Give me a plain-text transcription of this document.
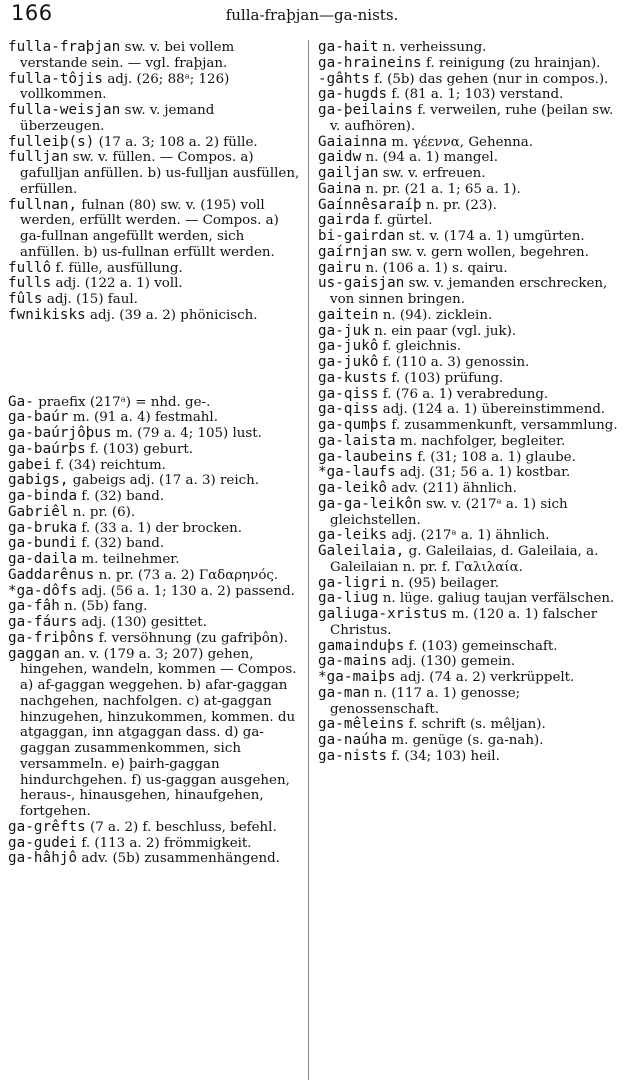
166	fulla-fraþjan—ga-nists.
fulla-fraþjan sw. v. bei vollem verstande sein. — vgl. fraþjan.
fulla-tôjis adj. (26; 88ᵃ; 126) vollkommen.
fulla-weisjan sw. v. jemand überzeugen.
fulleiþ(s) (17 a. 3; 108 a. 2) fülle.
fulljan sw. v. füllen. — Compos. a) gafulljan anfüllen. b) us-fulljan ausfüllen, erfüllen.
fullnan, fulnan (80) sw. v. (195) voll werden, erfüllt werden. — Compos. a) ga-fullnan angefüllt werden, sich anfüllen. b) us-fullnan erfüllt werden.
fullô f. fülle, ausfüllung.
fulls adj. (122 a. 1) voll.
fûls adj. (15) faul.
fwnikisks adj. (39 a. 2) phönicisch.
Ga- praefix (217ᵃ) = nhd. ge-.
ga-baúr m. (91 a. 4) festmahl.
ga-baúrjôþus m. (79 a. 4; 105) lust.
ga-baúrþs f. (103) geburt.
gabei f. (34) reichtum.
gabigs, gabeigs adj. (17 a. 3) reich.
ga-binda f. (32) band.
Gabriêl n. pr. (6).
ga-bruka f. (33 a. 1) der brocken.
ga-bundi f. (32) band.
ga-daila m. teilnehmer.
Gaddarênus n. pr. (73 a. 2) Γαδαρηνός.
*ga-dôfs adj. (56 a. 1; 130 a. 2) passend.
ga-fâh n. (5b) fang.
ga-fáurs adj. (130) gesittet.
ga-friþôns f. versöhnung (zu gafriþôn).
gaggan an. v. (179 a. 3; 207) gehen, hingehen, wandeln, kommen — Compos. a) af-gaggan weggehen. b) afar-gaggan nachgehen, nachfolgen. c) at-gaggan hinzugehen, hinzukommen, kommen. du atgaggan, inn atgaggan dass. d) ga-gaggan zusammenkommen, sich versammeln. e) þairh-gaggan hindurchgehen. f) us-gaggan ausgehen, heraus-, hinausgehen, hinaufgehen, fortgehen.
ga-grêfts (7 a. 2) f. beschluss, befehl.
ga-gudei f. (113 a. 2) frömmigkeit.
ga-hâhjô adv. (5b) zusammenhängend.
ga-hait n. verheissung.
ga-hraineins f. reinigung (zu hrainjan).
-gâhts f. (5b) das gehen (nur in compos.).
ga-hugds f. (81 a. 1; 103) verstand.
ga-þeilains f. verweilen, ruhe (þeilan sw. v. aufhören).
Gaiainna m. γέεννα, Gehenna.
gaidw n. (94 a. 1) mangel.
gailjan sw. v. erfreuen.
Gaina n. pr. (21 a. 1; 65 a. 1).
Gaínnêsaraíþ n. pr. (23).
gairda f. gürtel.
bi-gairdan st. v. (174 a. 1) umgürten.
gaírnjan sw. v. gern wollen, begehren.
gairu n. (106 a. 1) s. qairu.
us-gaisjan sw. v. jemanden erschrecken, von sinnen bringen.
gaitein n. (94). zicklein.
ga-juk n. ein paar (vgl. juk).
ga-jukô f. gleichnis.
ga-jukô f. (110 a. 3) genossin.
ga-kusts f. (103) prüfung.
ga-qiss f. (76 a. 1) verabredung.
ga-qiss adj. (124 a. 1) übereinstimmend.
ga-qumþs f. zusammenkunft, versammlung.
ga-laista m. nachfolger, begleiter.
ga-laubeins f. (31; 108 a. 1) glaube.
*ga-laufs adj. (31; 56 a. 1) kostbar.
ga-leikô adv. (211) ähnlich.
ga-ga-leikôn sw. v. (217ᵃ a. 1) sich gleichstellen.
ga-leiks adj. (217ᵃ a. 1) ähnlich.
Galeilaia, g. Galeilaias, d. Galeilaia, a. Galeilaian n. pr. f. Γαλιλαία.
ga-ligri n. (95) beilager.
ga-liug n. lüge. galiug taujan verfälschen.
galiuga-xristus m. (120 a. 1) falscher Christus.
gamainduþs f. (103) gemeinschaft.
ga-mains adj. (130) gemein.
*ga-maiþs adj. (74 a. 2) verkrüppelt.
ga-man n. (117 a. 1) genosse; genossenschaft.
ga-mêleins f. schrift (s. mêljan).
ga-naúha m. genüge (s. ga-nah).
ga-nists f. (34; 103) heil.
